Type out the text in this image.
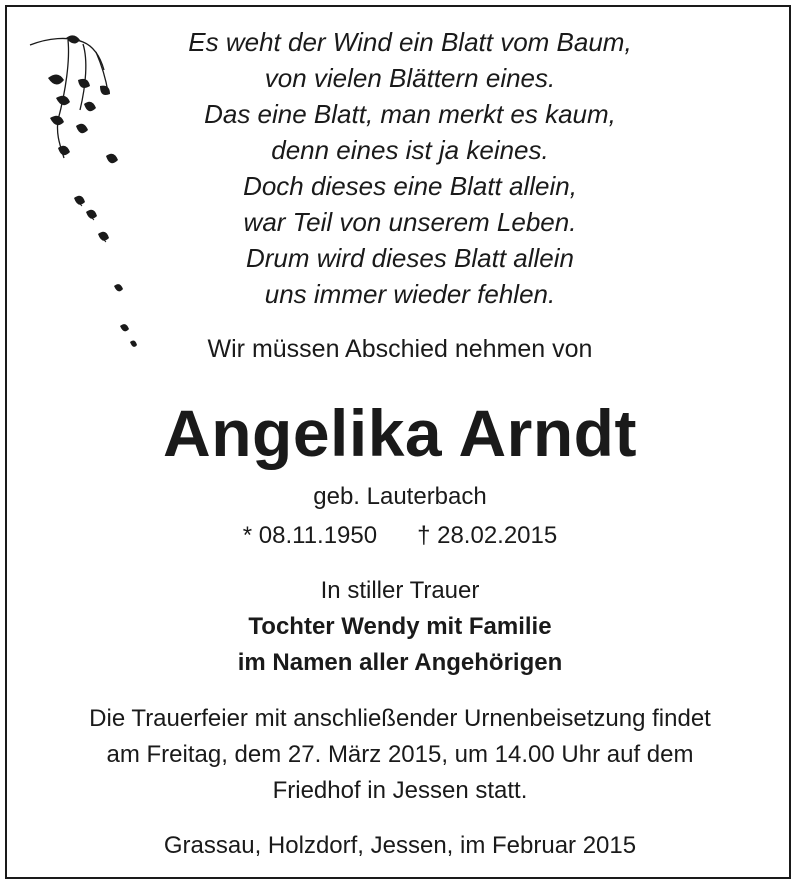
Es weht der Wind ein Blatt vom Baum,
von vielen Blättern eines.
Das eine Blatt, man merkt es kaum,
denn eines ist ja keines.
Doch dieses eine Blatt allein,
war Teil von unserem Leben.
Drum wird dieses Blatt allein
uns immer wieder fehlen.
Wir müssen Abschied nehmen von
Angelika Arndt
geb. Lauterbach
* 08.11.1950 † 28.02.2015
In stiller Trauer
Tochter Wendy mit Familie
im Namen aller Angehörigen
Die Trauerfeier mit anschließender Urnenbeisetzung findet
am Freitag, dem 27. März 2015, um 14.00 Uhr auf dem
Friedhof in Jessen statt.
Grassau, Holzdorf, Jessen, im Februar 2015
